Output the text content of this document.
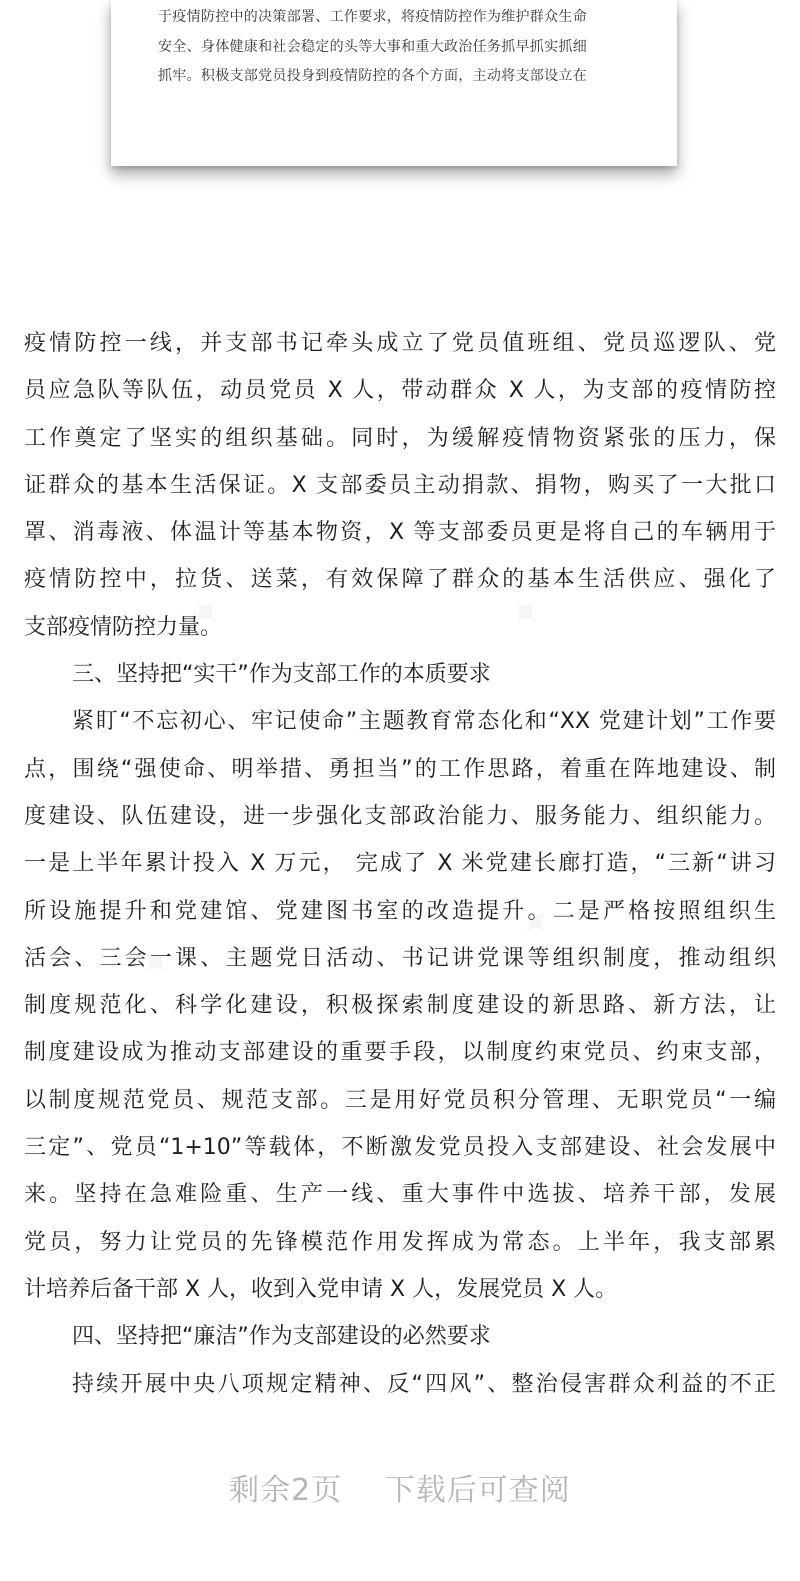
于疫情防控中的决策部署、工作要求，将疫情防控作为维护群众生命
安全、身体健康和社会稳定的头等大事和重大政治任务抓早抓实抓细
抓牢。积极支部党员投身到疫情防控的各个方面，主动将支部设立在
疫情防控一线，并支部书记牵头成立了党员值班组、党员巡逻队、党
员应急队等队伍，动员党员 X 人，带动群众 X 人，为支部的疫情防控
工作奠定了坚实的组织基础。同时，为缓解疫情物资紧张的压力，保
证群众的基本生活保证。X 支部委员主动捐款、捐物，购买了一大批口
罩、消毒液、体温计等基本物资，X 等支部委员更是将自己的车辆用于
疫情防控中，拉货、送菜，有效保障了群众的基本生活供应、强化了
支部疫情防控力量。
三、坚持把“实干”作为支部工作的本质要求
紧盯“不忘初心、牢记使命”主题教育常态化和“XX 党建计划”工作要
点，围绕“强使命、明举措、勇担当”的工作思路，着重在阵地建设、制
度建设、队伍建设，进一步强化支部政治能力、服务能力、组织能力。
一是上半年累计投入 X 万元， 完成了 X 米党建长廊打造，“三新“讲习
所设施提升和党建馆、党建图书室的改造提升。二是严格按照组织生
活会、三会一课、主题党日活动、书记讲党课等组织制度，推动组织
制度规范化、科学化建设，积极探索制度建设的新思路、新方法，让
制度建设成为推动支部建设的重要手段，以制度约束党员、约束支部，
以制度规范党员、规范支部。三是用好党员积分管理、无职党员“一编
三定”、党员“1+10”等载体，不断激发党员投入支部建设、社会发展中
来。坚持在急难险重、生产一线、重大事件中选拔、培养干部，发展
党员，努力让党员的先锋模范作用发挥成为常态。上半年，我支部累
计培养后备干部 X 人，收到入党申请 X 人，发展党员 X 人。
四、坚持把“廉洁”作为支部建设的必然要求
持续开展中央八项规定精神、反“四风”、整治侵害群众利益的不正
剩余2页 下载后可查阅
